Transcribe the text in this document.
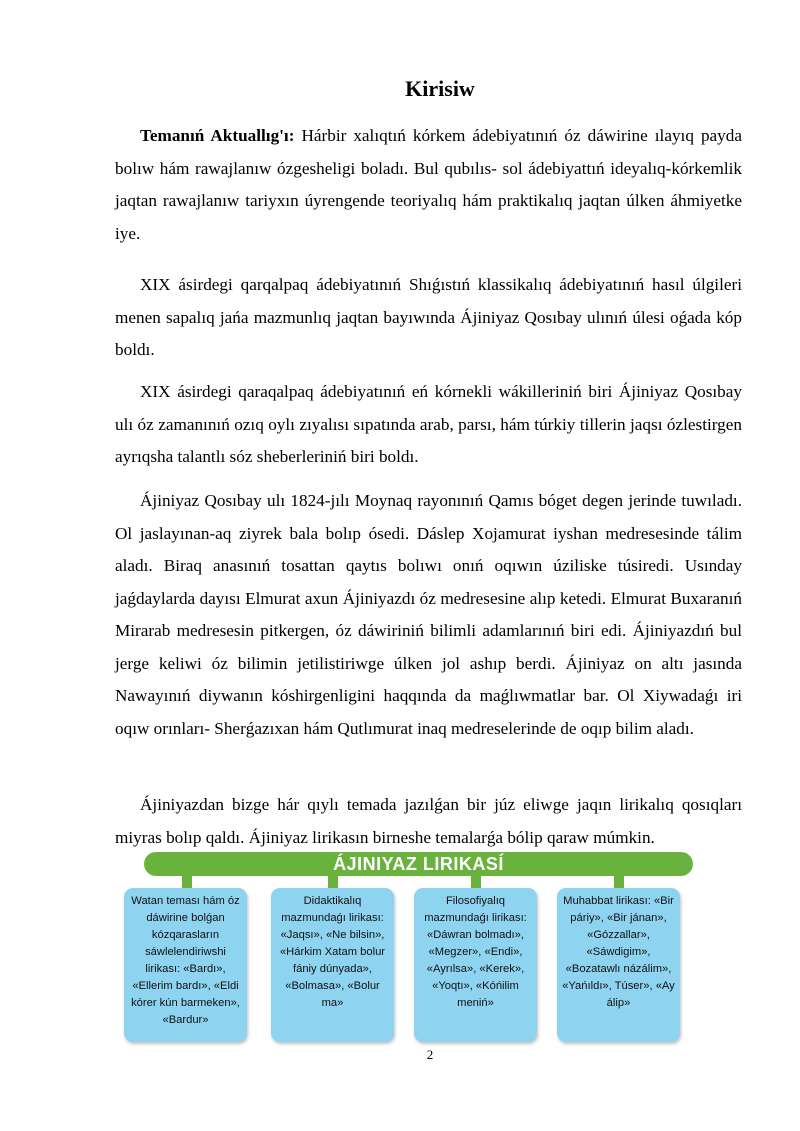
Kirisiw

Temanıń Aktuallıg'ı: Hárbir xalıqtıń kórkem ádebiyatınıń óz dáwirine ılayıq payda bolıw hám rawajlanıw ózgesheligi boladı. Bul qubılıs- sol ádebiyattıń ideyalıq-kórkemlik jaqtan rawajlanıw tariyxın úyrengende teoriyalıq hám praktikalıq jaqtan úlken áhmiyetke iye.

XIX ásirdegi qarqalpaq ádebiyatınıń Shıǵıstıń klassikalıq ádebiyatınıń hasıl úlgileri menen sapalıq jańa mazmunlıq jaqtan bayıwında Ájiniyaz Qosıbay ulınıń úlesi oǵada kóp boldı.

XIX ásirdegi qaraqalpaq ádebiyatınıń eń kórnekli wákilleriniń biri Ájiniyaz Qosıbay ulı óz zamanınıń ozıq oylı zıyalısı sıpatında arab, parsı, hám túrkiy tillerin jaqsı ózlestirgen ayrıqsha talantlı sóz sheberleriniń biri boldı.

Ájiniyaz Qosıbay ulı 1824-jılı Moynaq rayonınıń Qamıs bóget degen jerinde tuwıladı. Ol jaslayınan-aq ziyrek bala bolıp ósedi. Dáslep Xojamurat iyshan medresesinde tálim aladı. Biraq anasınıń tosattan qaytıs bolıwı onıń oqıwın úziliske túsiredi. Usınday jaǵdaylarda dayısı Elmurat axun Ájiniyazdı óz medresesine alıp ketedi. Elmurat Buxaranıń Mirarab medresesin pitkergen, óz dáwiriniń bilimli adamlarınıń biri edi. Ájiniyazdıń bul jerge keliwi óz bilimin jetilistiriwge úlken jol ashıp berdi. Ájiniyaz on altı jasında Nawayınıń diywanın kóshirgenligini haqqında da maǵlıwmatlar bar. Ol Xiywadaǵı iri oqıw orınları- Sherǵazıxan hám Qutlımurat inaq medreselerinde de oqıp bilim aladı.

Ájiniyazdan bizge hár qıylı temada jazılǵan bir júz eliwge jaqın lirikalıq qosıqları miyras bolıp qaldı. Ájiniyaz lirikasın birneshe temalarǵa bólip qaraw múmkin.

ÁJINIYAZ LIRIKASÍ
Watan teması hám óz dáwirine bolǵan kózqarasların sáwlelendiriwshi lirikası: «Bardı», «Ellerim bardı», «Eldi kórer kún barmeken», «Bardur»
Didaktikalıq mazmundaǵı lirikası: «Jaqsı», «Ne bilsin», «Hárkim Xatam bolur fániy dúnyada», «Bolmasa», «Bolur ma»
Filosofiyalıq mazmundaǵı lirikası: «Dáwran bolmadı», «Megzer», «Endi», «Ayrılsa», «Kerek», «Yoqtı», «Kóńilim meniń»
Muhabbat lirikası: «Bir páriy», «Bir jánan», «Gózzallar», «Sáwdigim», «Bozatawlı názálim», «Yańıldı», Túser», «Ay álip»
2
